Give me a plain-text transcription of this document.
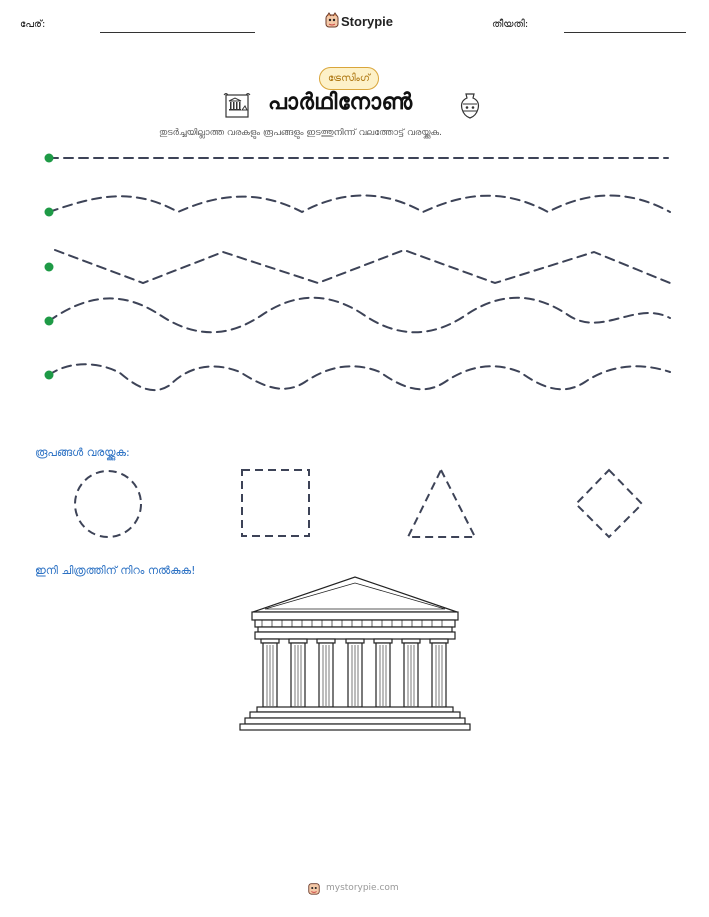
പേര്:	Storypie	തീയതി:
ട്രേസിംഗ്
പാർഥിനോൺ
തുടർച്ചയില്ലാത്ത വരകളും രൂപങ്ങളും ഇടത്തുനിന്ന് വലത്തോട്ട് വരയ്ക്കുക.
രൂപങ്ങൾ വരയ്ക്കുക:
ഇനി ചിത്രത്തിന് നിറം നൽകുക!
mystorypie.com
